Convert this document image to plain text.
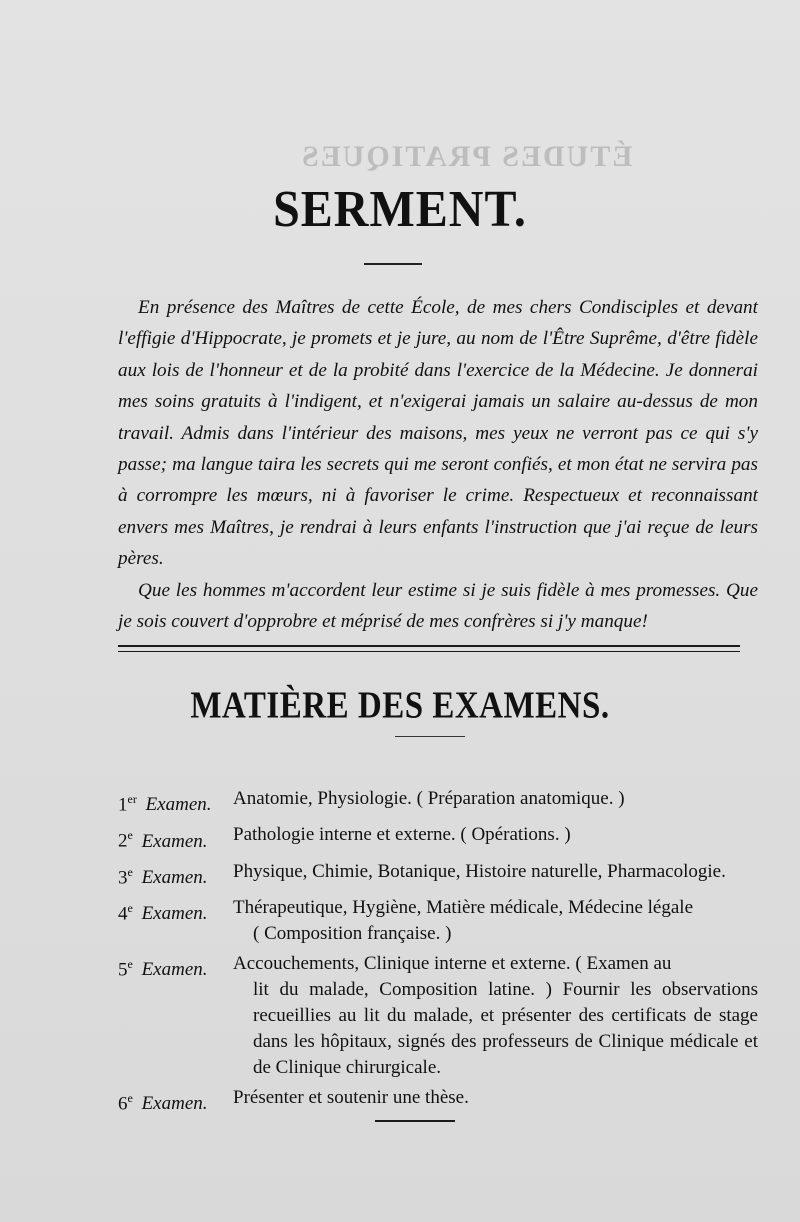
ÉTUDES PRATIQUES
SERMENT.

En présence des Maîtres de cette École, de mes chers Condisciples et devant l'effigie d'Hippocrate, je promets et je jure, au nom de l'Être Suprême, d'être fidèle aux lois de l'honneur et de la probité dans l'exercice de la Médecine. Je donnerai mes soins gratuits à l'indigent, et n'exigerai jamais un salaire au-dessus de mon travail. Admis dans l'intérieur des maisons, mes yeux ne verront pas ce qui s'y passe; ma langue taira les secrets qui me seront confiés, et mon état ne servira pas à corrompre les mœurs, ni à favoriser le crime. Respectueux et reconnaissant envers mes Maîtres, je rendrai à leurs enfants l'instruction que j'ai reçue de leurs pères.

Que les hommes m'accordent leur estime si je suis fidèle à mes promesses. Que je sois couvert d'opprobre et méprisé de mes confrères si j'y manque!

MATIÈRE DES EXAMENS.
1er Examen.	Anatomie, Physiologie. ( Préparation anatomique. )
2e Examen.	Pathologie interne et externe. ( Opérations. )
3e Examen.	Physique, Chimie, Botanique, Histoire naturelle, Pharmacologie.
4e Examen.	Thérapeutique, Hygiène, Matière médicale, Médecine légale
( Composition française. )
5e Examen.	Accouchements, Clinique interne et externe. ( Examen au
lit du malade, Composition latine. ) Fournir les observations recueillies au lit du malade, et présenter des certificats de stage dans les hôpitaux, signés des professeurs de Clinique médicale et de Clinique chirurgicale.
6e Examen.	Présenter et soutenir une thèse.
